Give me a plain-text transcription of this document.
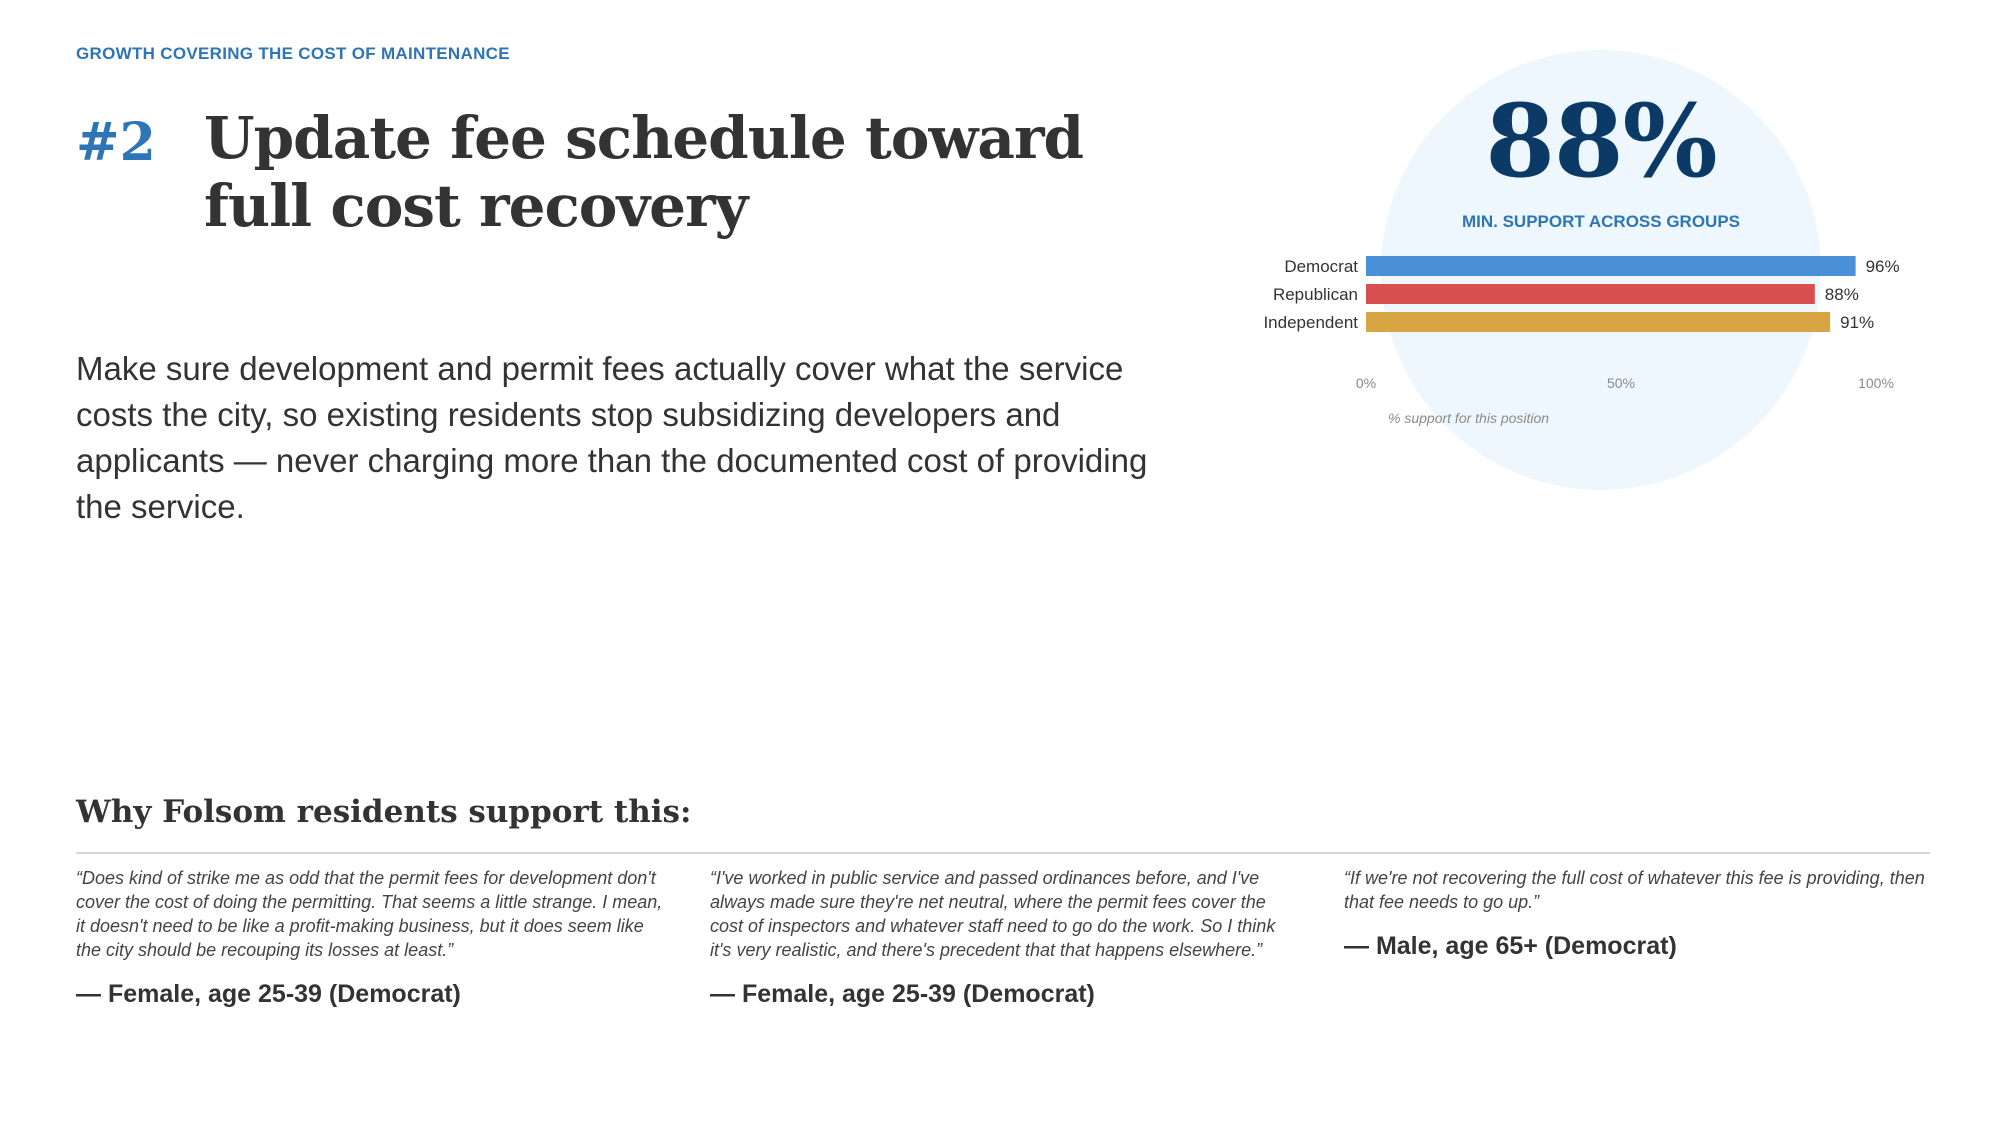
GROWTH COVERING THE COST OF MAINTENANCE
#2 Update fee schedule toward full cost recovery

Make sure development and permit fees actually cover what the service costs the city, so existing residents stop subsidizing developers and applicants — never charging more than the documented cost of providing the service.

88%
MIN. SUPPORT ACROSS GROUPS
Democrat	96%
Republican	88%
Independent	91%
0%	50%	100%
% support for this position
Why Folsom residents support this:

“Does kind of strike me as odd that the permit fees for development don't cover the cost of doing the permitting. That seems a little strange. I mean, it doesn't need to be like a profit-making business, but it does seem like the city should be recouping its losses at least.”

— Female, age 25-39 (Democrat)

“I've worked in public service and passed ordinances before, and I've always made sure they're net neutral, where the permit fees cover the cost of inspectors and whatever staff need to go do the work. So I think it's very realistic, and there's precedent that that happens elsewhere.”

— Female, age 25-39 (Democrat)

“If we're not recovering the full cost of whatever this fee is providing, then that fee needs to go up.”

— Male, age 65+ (Democrat)
